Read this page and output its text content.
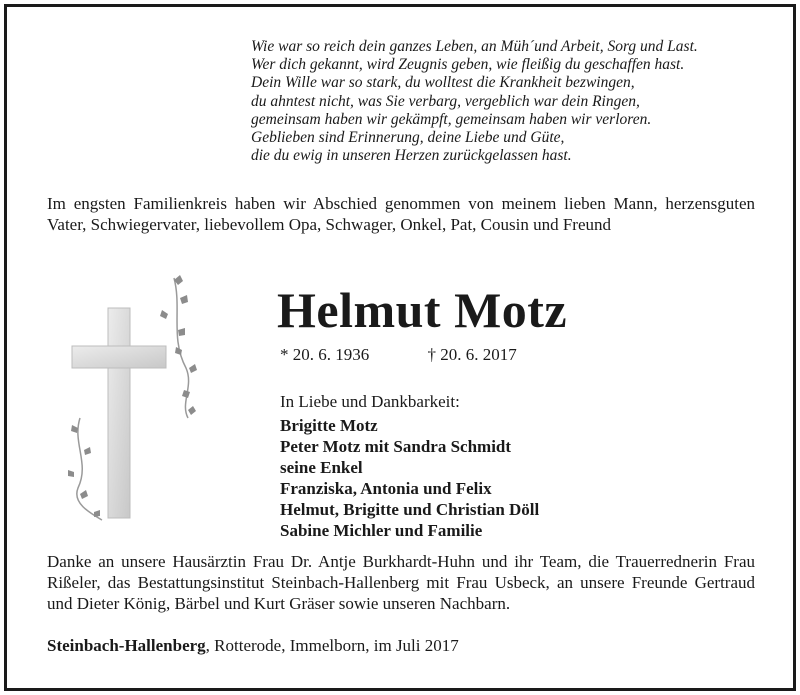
Wie war so reich dein ganzes Leben, an Müh´und Arbeit, Sorg und Last.
Wer dich gekannt, wird Zeugnis geben, wie fleißig du geschaffen hast.
Dein Wille war so stark, du wolltest die Krankheit bezwingen,
du ahntest nicht, was Sie verbarg, vergeblich war dein Ringen,
gemeinsam haben wir gekämpft, gemeinsam haben wir verloren.
Geblieben sind Erinnerung, deine Liebe und Güte,
die du ewig in unseren Herzen zurückgelassen hast.
Im engsten Familienkreis haben wir Abschied genommen von meinem lieben Mann, herzensguten Vater, Schwiegervater, liebevollem Opa, Schwager, Onkel, Pat, Cousin und Freund
Helmut Motz
* 20. 6. 1936	† 20. 6. 2017
In Liebe und Dankbarkeit:
Brigitte Motz
Peter Motz mit Sandra Schmidt
seine Enkel
Franziska, Antonia und Felix
Helmut, Brigitte und Christian Döll
Sabine Michler und Familie
Danke an unsere Hausärztin Frau Dr. Antje Burkhardt-Huhn und ihr Team, die Trauerrednerin Frau Rißeler, das Bestattungsinstitut Steinbach-Hallenberg mit Frau Usbeck, an unsere Freunde Gertraud und Dieter König, Bärbel und Kurt Gräser sowie unseren Nachbarn.
Steinbach-Hallenberg, Rotterode, Immelborn, im Juli 2017
